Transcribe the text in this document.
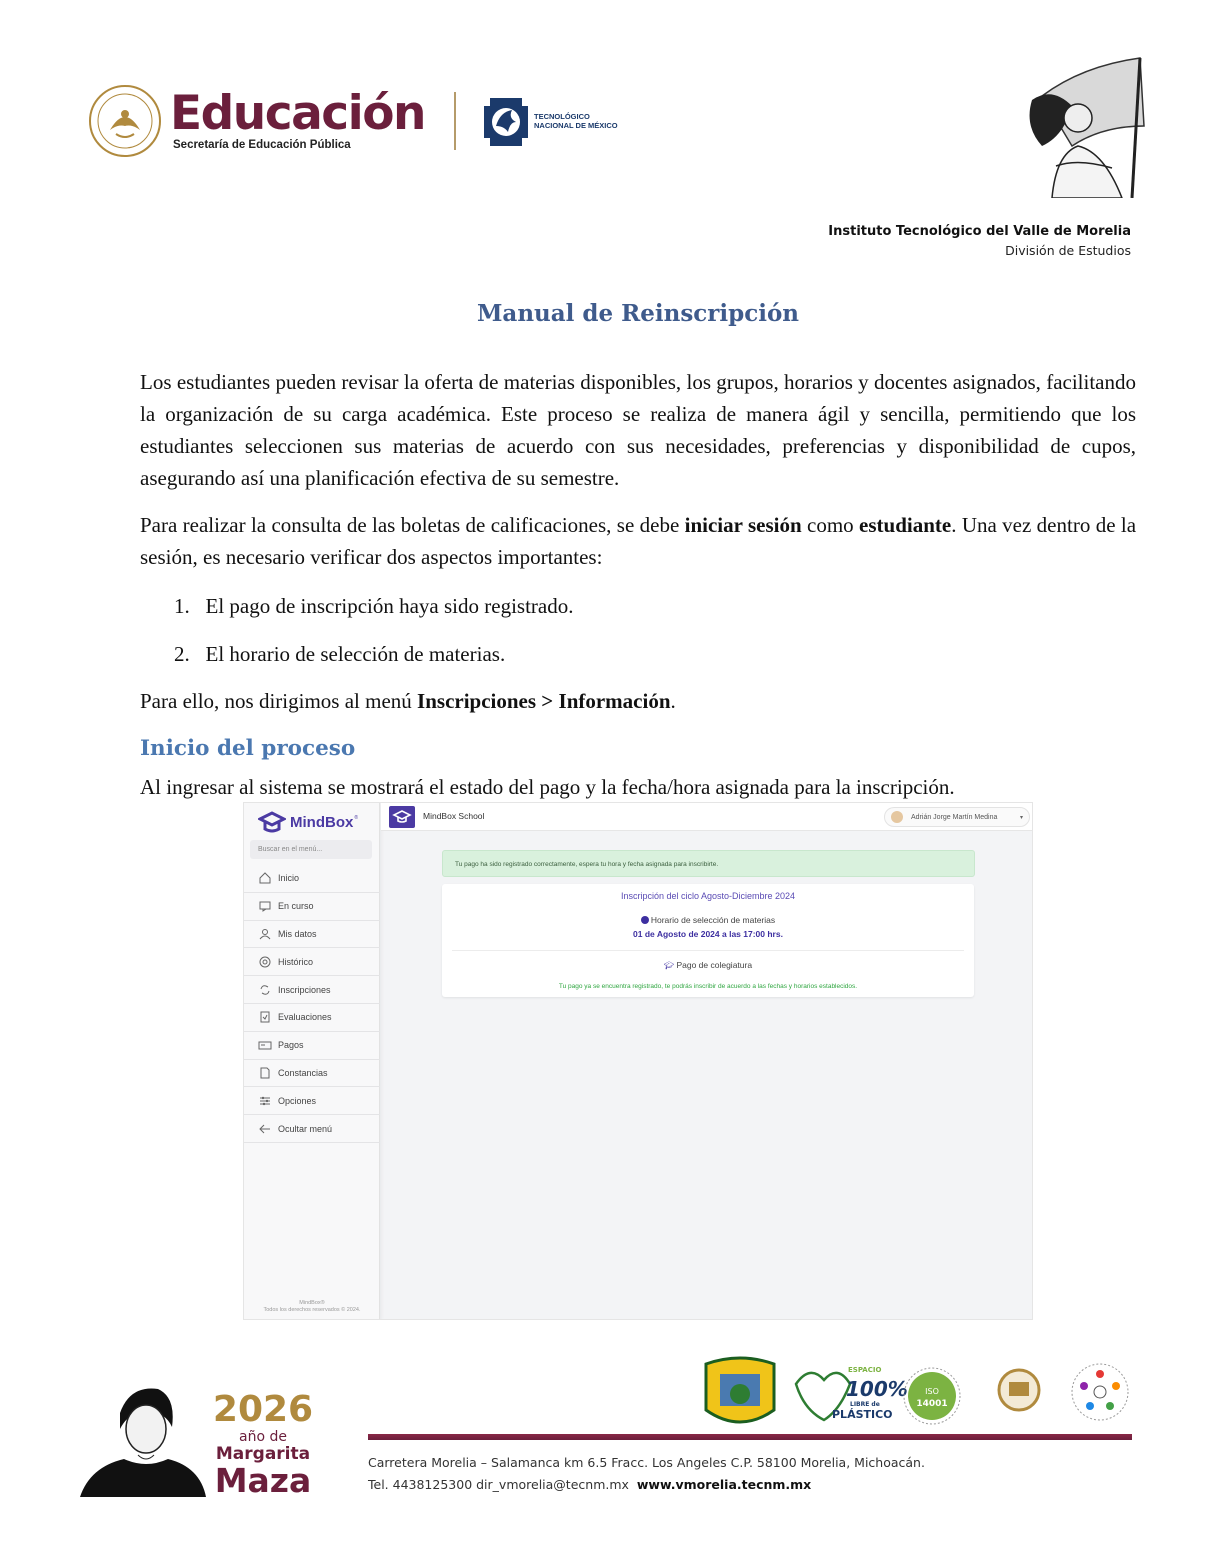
Educación
Secretaría de Educación Pública
TECNOLÓGICO
NACIONAL DE MÉXICO
Instituto Tecnológico del Valle de Morelia
División de Estudios
Manual de Reinscripción
Los estudiantes pueden revisar la oferta de materias disponibles, los grupos, horarios y docentes asignados, facilitando la organización de su carga académica. Este proceso se realiza de manera ágil y sencilla, permitiendo que los estudiantes seleccionen sus materias de acuerdo con sus necesidades, preferencias y disponibilidad de cupos, asegurando así una planificación efectiva de su semestre.
Para realizar la consulta de las boletas de calificaciones, se debe iniciar sesión como estudiante. Una vez dentro de la sesión, es necesario verificar dos aspectos importantes:
1. El pago de inscripción haya sido registrado.
2. El horario de selección de materias.
Para ello, nos dirigimos al menú Inscripciones > Información.
Inicio del proceso
Al ingresar al sistema se mostrará el estado del pago y la fecha/hora asignada para la inscripción.
MindBox ®
Buscar en el menú...
Inicio
En curso
Mis datos
Histórico
Inscripciones
Evaluaciones
Pagos
Constancias
Opciones
Ocultar menú
MindBox®
Todos los derechos reservados © 2024.
MindBox School	Adrián Jorge Martín Medina	▾
Tu pago ha sido registrado correctamente, espera tu hora y fecha asignada para inscribirte.
Inscripción del ciclo Agosto-Diciembre 2024
Horario de selección de materias
01 de Agosto de 2024 a las 17:00 hrs.
🎓︎ Pago de colegiatura
Tu pago ya se encuentra registrado, te podrás inscribir de acuerdo a las fechas y horarios establecidos.
2026
año de
Margarita
Maza
ESPACIO
100%
LIBRE de
PLÁSTICO
ISO
14001
Carretera Morelia – Salamanca km 6.5 Fracc. Los Angeles C.P. 58100 Morelia, Michoacán.
Tel. 4438125300 dir_vmorelia@tecnm.mx www.vmorelia.tecnm.mx
